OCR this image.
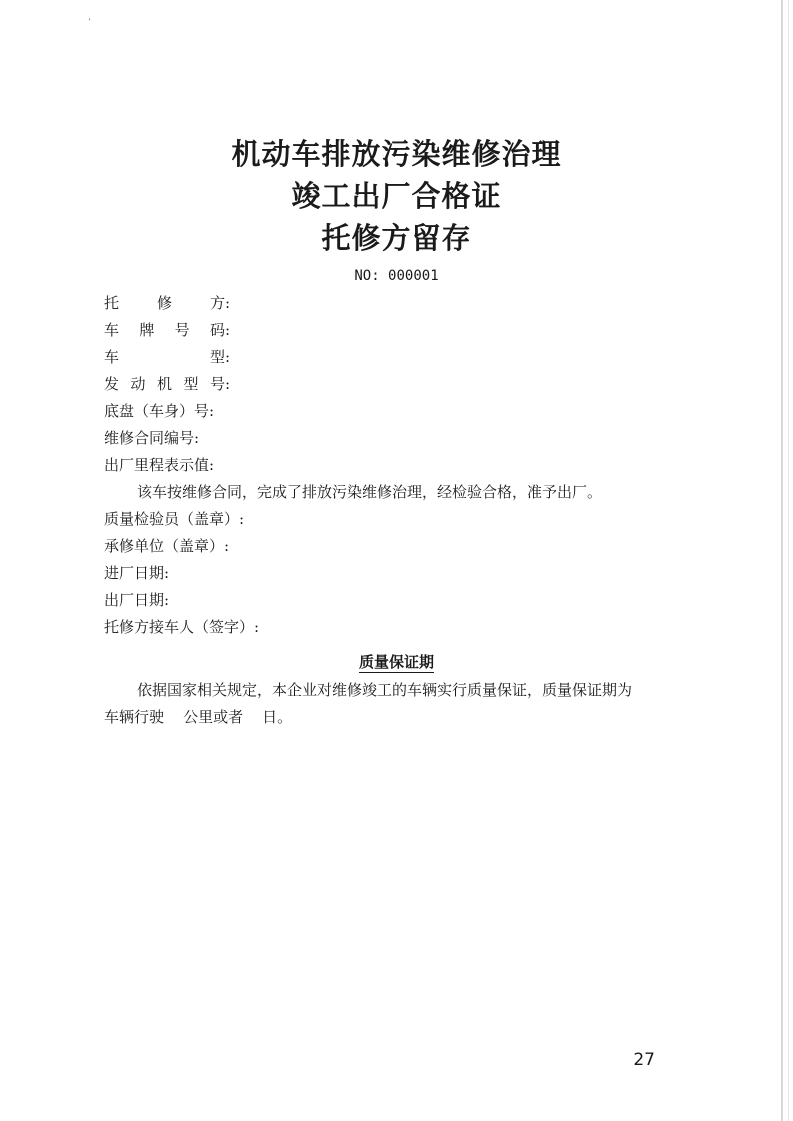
ʼ
机动车排放污染维修治理
竣工出厂合格证
托修方留存
NO: 000001
托	修	方:
车 牌 号 码:
车	型:
发 动 机 型 号:
底盘（车身）号:
维修合同编号:
出厂里程表示值:
该车按维修合同，完成了排放污染维修治理，经检验合格，准予出厂。
质量检验员（盖章）:
承修单位（盖章）:
进厂日期:
出厂日期:
托修方接车人（签字）:
质量保证期
依据国家相关规定，本企业对维修竣工的车辆实行质量保证，质量保证期为
车辆行驶    公里或者    日。
27
